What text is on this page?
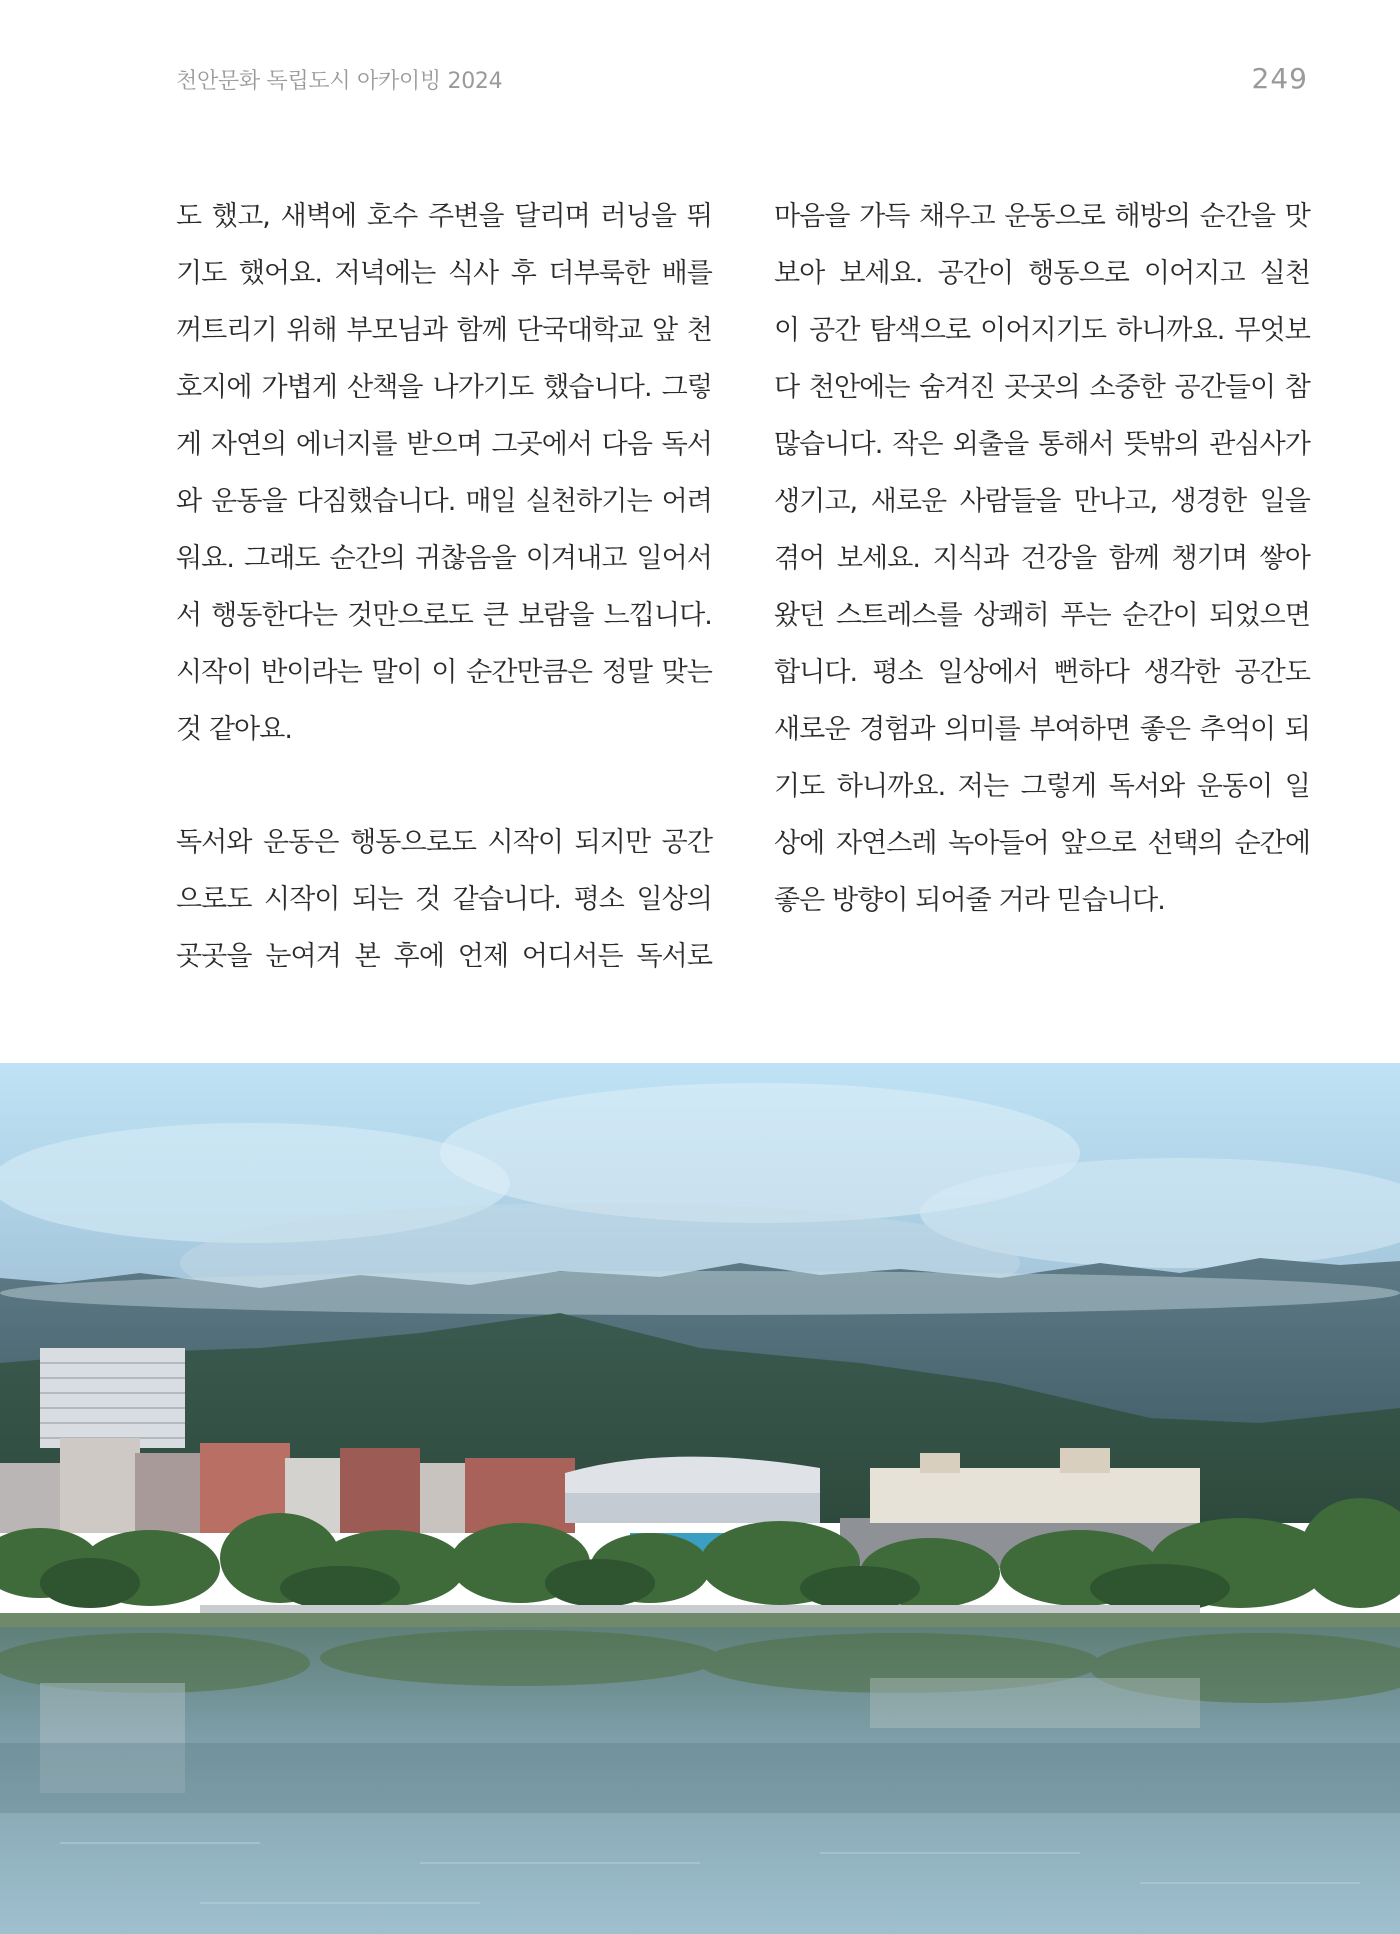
천안문화 독립도시 아카이빙 2024	249
도 했고, 새벽에 호수 주변을 달리며 러닝을 뛰
기도 했어요. 저녁에는 식사 후 더부룩한 배를
꺼트리기 위해 부모님과 함께 단국대학교 앞 천
호지에 가볍게 산책을 나가기도 했습니다. 그렇
게 자연의 에너지를 받으며 그곳에서 다음 독서
와 운동을 다짐했습니다. 매일 실천하기는 어려
워요. 그래도 순간의 귀찮음을 이겨내고 일어서
서 행동한다는 것만으로도 큰 보람을 느낍니다.
시작이 반이라는 말이 이 순간만큼은 정말 맞는
것 같아요.
독서와 운동은 행동으로도 시작이 되지만 공간
으로도 시작이 되는 것 같습니다. 평소 일상의
곳곳을 눈여겨 본 후에 언제 어디서든 독서로
마음을 가득 채우고 운동으로 해방의 순간을 맛
보아 보세요. 공간이 행동으로 이어지고 실천
이 공간 탐색으로 이어지기도 하니까요. 무엇보
다 천안에는 숨겨진 곳곳의 소중한 공간들이 참
많습니다. 작은 외출을 통해서 뜻밖의 관심사가
생기고, 새로운 사람들을 만나고, 생경한 일을
겪어 보세요. 지식과 건강을 함께 챙기며 쌓아
왔던 스트레스를 상쾌히 푸는 순간이 되었으면
합니다. 평소 일상에서 뻔하다 생각한 공간도
새로운 경험과 의미를 부여하면 좋은 추억이 되
기도 하니까요. 저는 그렇게 독서와 운동이 일
상에 자연스레 녹아들어 앞으로 선택의 순간에
좋은 방향이 되어줄 거라 믿습니다.
